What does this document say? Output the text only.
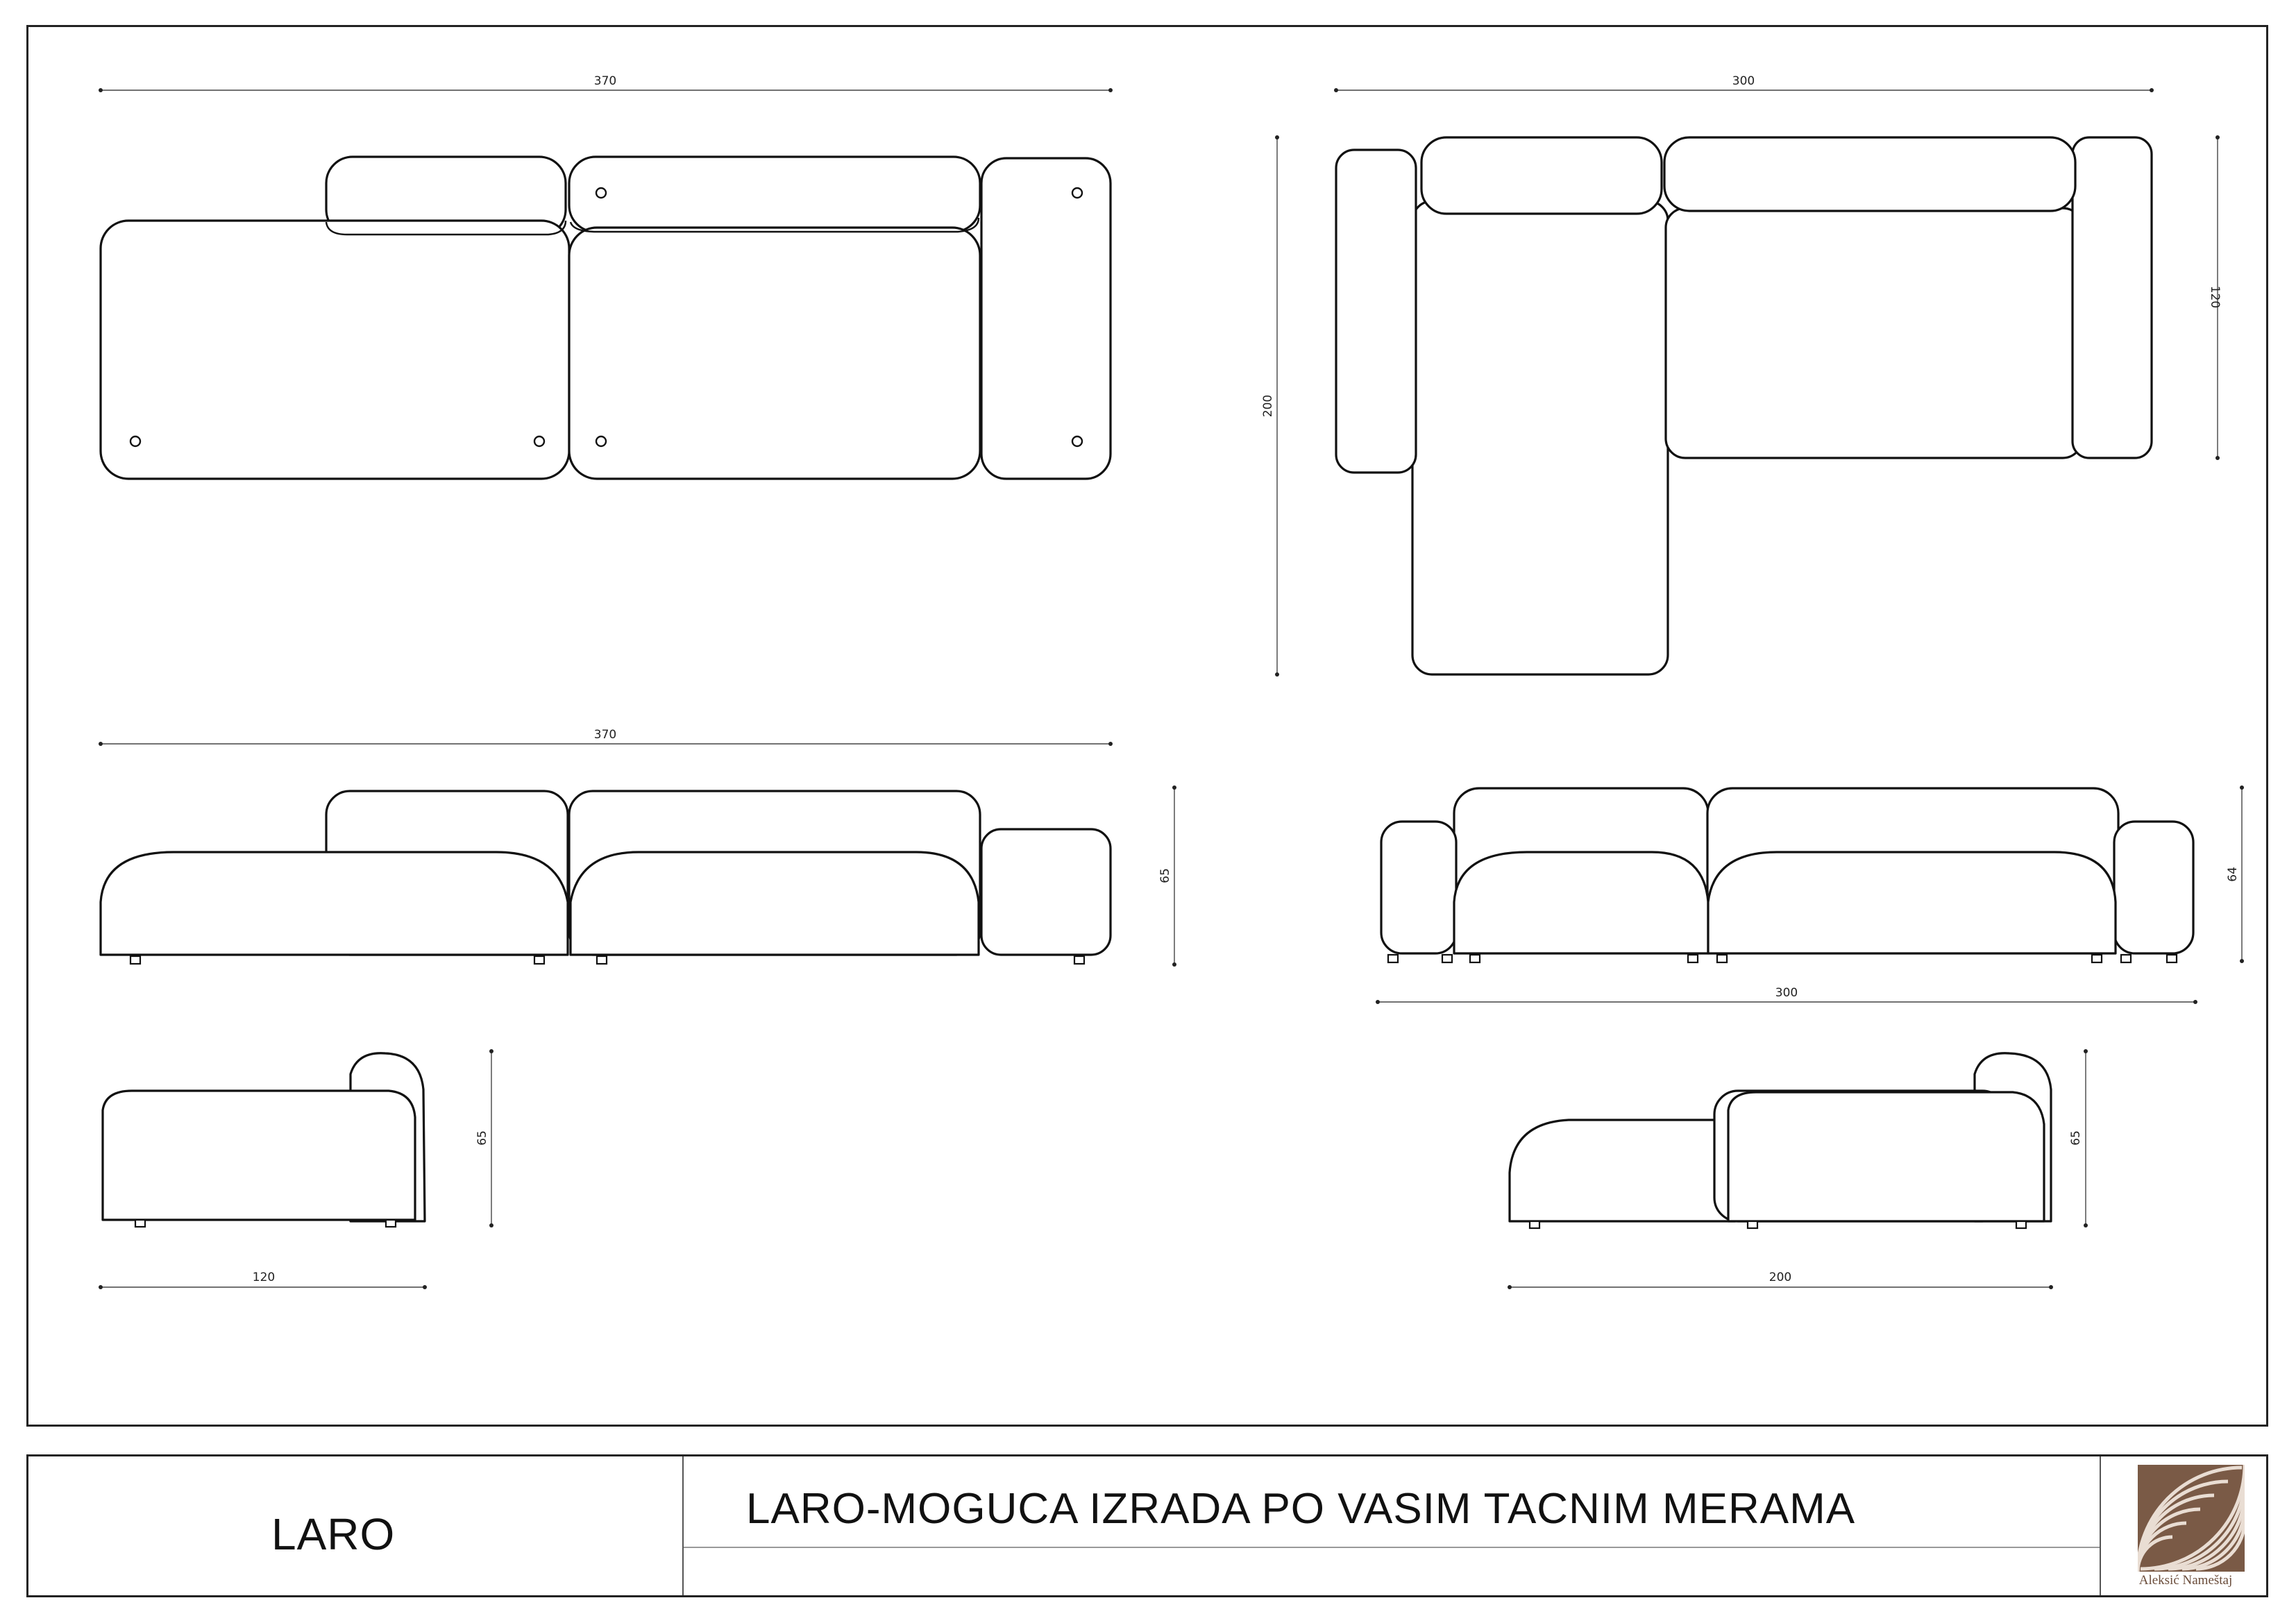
370	300
200
120
370
65
300
64
120
65
200
65
LARO
LARO-MOGUCA IZRADA PO VASIM TACNIM MERAMA
Aleksić Nameštaj
